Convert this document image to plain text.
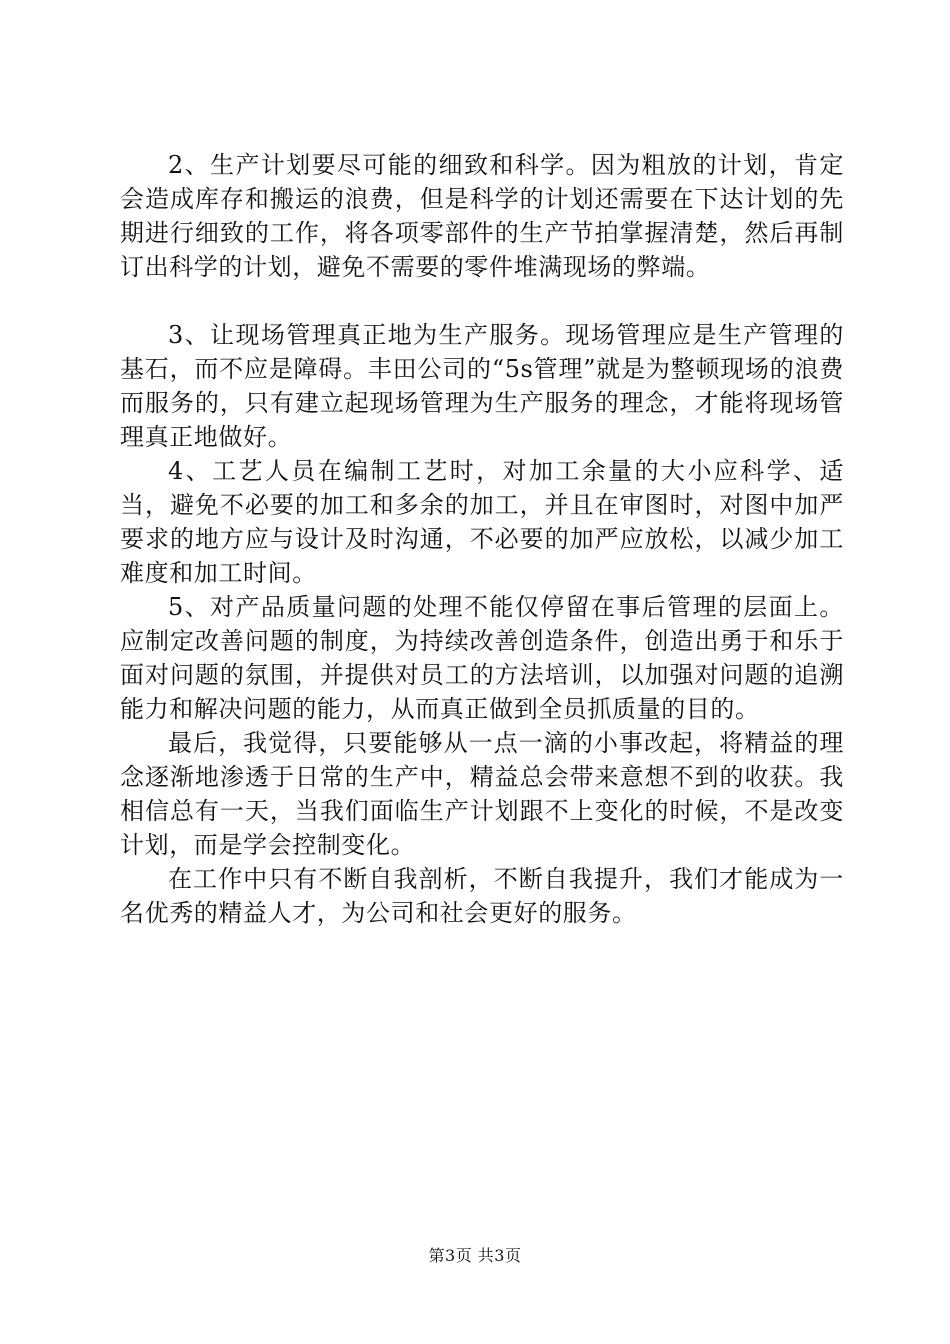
2、生产计划要尽可能的细致和科学。因为粗放的计划，肯定会造成库存和搬运的浪费，但是科学的计划还需要在下达计划的先期进行细致的工作，将各项零部件的生产节拍掌握清楚，然后再制订出科学的计划，避免不需要的零件堆满现场的弊端。

3、让现场管理真正地为生产服务。现场管理应是生产管理的基石，而不应是障碍。丰田公司的“5s管理”就是为整顿现场的浪费而服务的，只有建立起现场管理为生产服务的理念，才能将现场管理真正地做好。

4、工艺人员在编制工艺时，对加工余量的大小应科学、适当，避免不必要的加工和多余的加工，并且在审图时，对图中加严要求的地方应与设计及时沟通，不必要的加严应放松，以减少加工难度和加工时间。

5、对产品质量问题的处理不能仅停留在事后管理的层面上。应制定改善问题的制度，为持续改善创造条件，创造出勇于和乐于面对问题的氛围，并提供对员工的方法培训，以加强对问题的追溯能力和解决问题的能力，从而真正做到全员抓质量的目的。

最后，我觉得，只要能够从一点一滴的小事改起，将精益的理念逐渐地渗透于日常的生产中，精益总会带来意想不到的收获。我相信总有一天，当我们面临生产计划跟不上变化的时候，不是改变计划，而是学会控制变化。

在工作中只有不断自我剖析，不断自我提升，我们才能成为一名优秀的精益人才，为公司和社会更好的服务。

第3页 共3页
